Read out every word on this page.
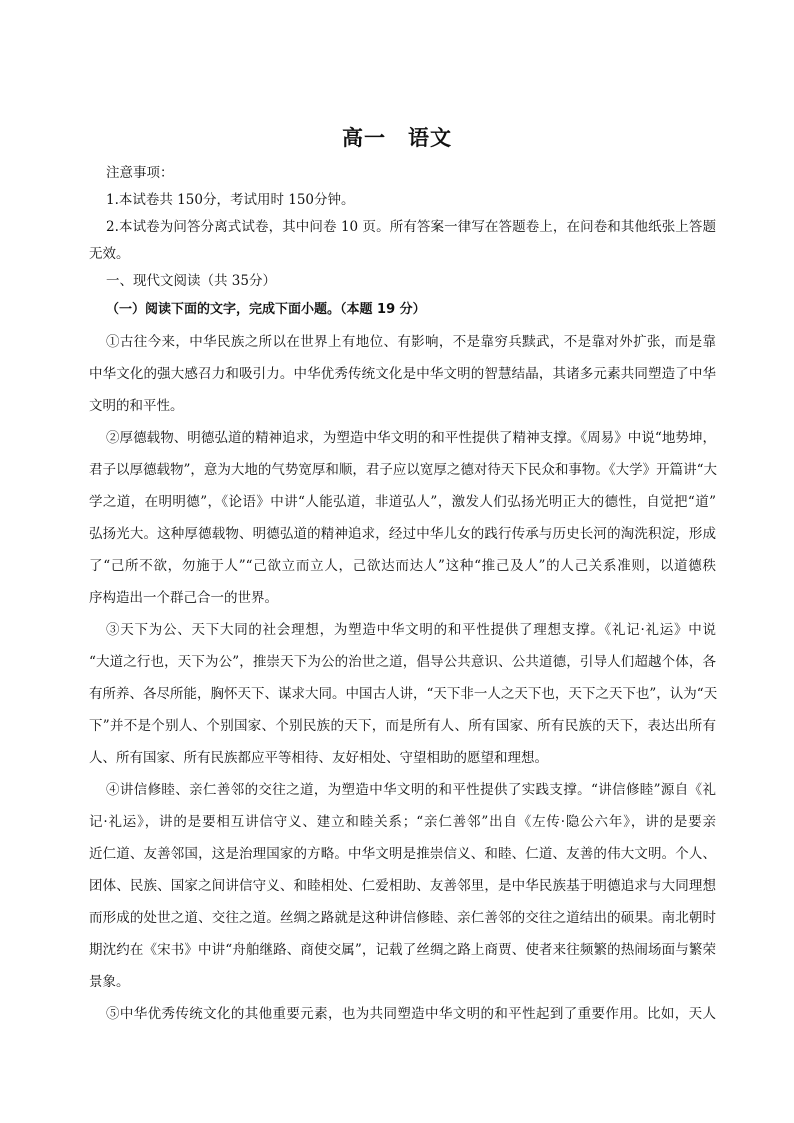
高一　语文
注意事项：
1.本试卷共 150分，考试用时 150分钟。
2.本试卷为问答分离式试卷，其中问卷 10 页。所有答案一律写在答题卷上，在问卷和其他纸张上答题
无效。
一、现代文阅读（共 35分）
（一）阅读下面的文字，完成下面小题。（本题 19 分）
①古往今来，中华民族之所以在世界上有地位、有影响，不是靠穷兵黩武，不是靠对外扩张，而是靠
中华文化的强大感召力和吸引力。中华优秀传统文化是中华文明的智慧结晶，其诸多元素共同塑造了中华
文明的和平性。
②厚德载物、明德弘道的精神追求，为塑造中华文明的和平性提供了精神支撑。《周易》中说“地势坤，
君子以厚德载物”，意为大地的气势宽厚和顺，君子应以宽厚之德对待天下民众和事物。《大学》开篇讲“大
学之道，在明明德”，《论语》中讲“人能弘道，非道弘人”，激发人们弘扬光明正大的德性，自觉把“道”
弘扬光大。这种厚德载物、明德弘道的精神追求，经过中华儿女的践行传承与历史长河的淘洗积淀，形成
了“己所不欲，勿施于人”“己欲立而立人，己欲达而达人”这种“推己及人”的人己关系准则，以道德秩
序构造出一个群己合一的世界。
③天下为公、天下大同的社会理想，为塑造中华文明的和平性提供了理想支撑。《礼记·礼运》中说
“大道之行也，天下为公”，推崇天下为公的治世之道，倡导公共意识、公共道德，引导人们超越个体，各
有所养、各尽所能，胸怀天下、谋求大同。中国古人讲，“天下非一人之天下也，天下之天下也”，认为“天
下”并不是个别人、个别国家、个别民族的天下，而是所有人、所有国家、所有民族的天下，表达出所有
人、所有国家、所有民族都应平等相待、友好相处、守望相助的愿望和理想。
④讲信修睦、亲仁善邻的交往之道，为塑造中华文明的和平性提供了实践支撑。“讲信修睦”源自《礼
记·礼运》，讲的是要相互讲信守义、建立和睦关系；“亲仁善邻”出自《左传·隐公六年》，讲的是要亲
近仁道、友善邻国，这是治理国家的方略。中华文明是推崇信义、和睦、仁道、友善的伟大文明。个人、
团体、民族、国家之间讲信守义、和睦相处、仁爱相助、友善邻里，是中华民族基于明德追求与大同理想
而形成的处世之道、交往之道。丝绸之路就是这种讲信修睦、亲仁善邻的交往之道结出的硕果。南北朝时
期沈约在《宋书》中讲“舟舶继路、商使交属”，记载了丝绸之路上商贾、使者来往频繁的热闹场面与繁荣
景象。
⑤中华优秀传统文化的其他重要元素，也为共同塑造中华文明的和平性起到了重要作用。比如，天人
